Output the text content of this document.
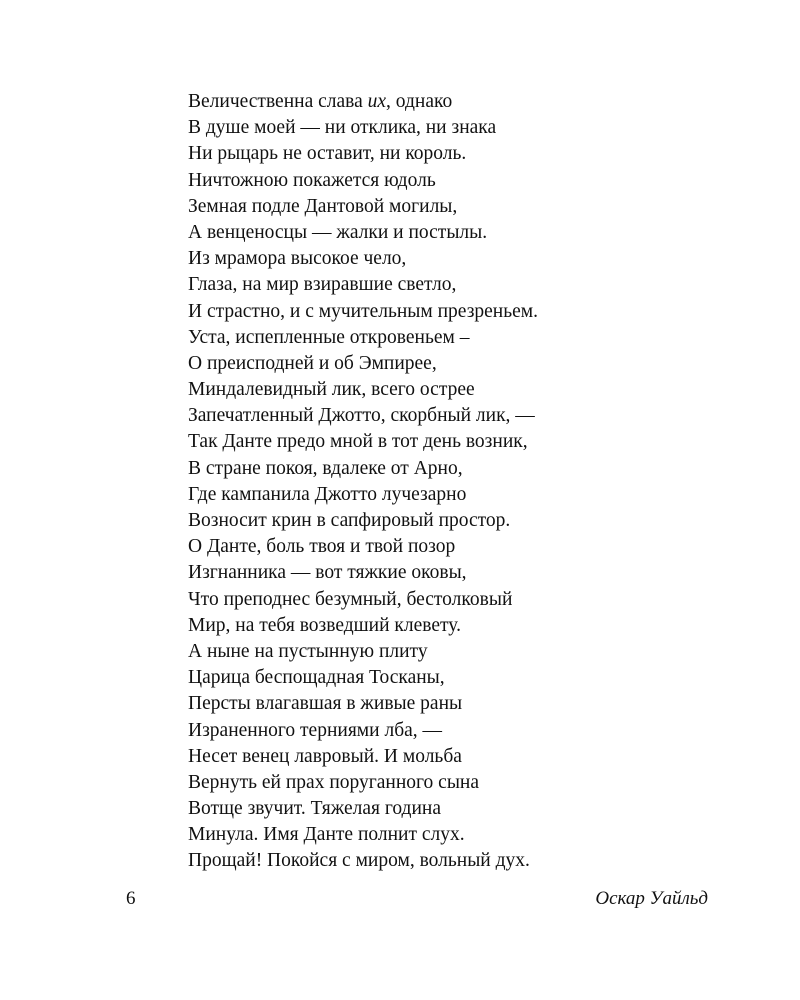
Величественна слава их, однако
В душе моей — ни отклика, ни знака
Ни рыцарь не оставит, ни король.
Ничтожною покажется юдоль
Земная подле Дантовой могилы,
А венценосцы — жалки и постылы.
Из мрамора высокое чело,
Глаза, на мир взиравшие светло,
И страстно, и с мучительным презреньем.
Уста, испепленные откровеньем –
О преисподней и об Эмпирее,
Миндалевидный лик, всего острее
Запечатленный Джотто, скорбный лик, —
Так Данте предо мной в тот день возник,
В стране покоя, вдалеке от Арно,
Где кампанила Джотто лучезарно
Возносит крин в сапфировый простор.
О Данте, боль твоя и твой позор
Изгнанника — вот тяжкие оковы,
Что преподнес безумный, бестолковый
Мир, на тебя возведший клевету.
А ныне на пустынную плиту
Царица беспощадная Тосканы,
Персты влагавшая в живые раны
Израненного терниями лба, —
Несет венец лавровый. И мольба
Вернуть ей прах поруганного сына
Вотще звучит. Тяжелая година
Минула. Имя Данте полнит слух.
Прощай! Покойся с миром, вольный дух.
6	Оскар Уайльд
